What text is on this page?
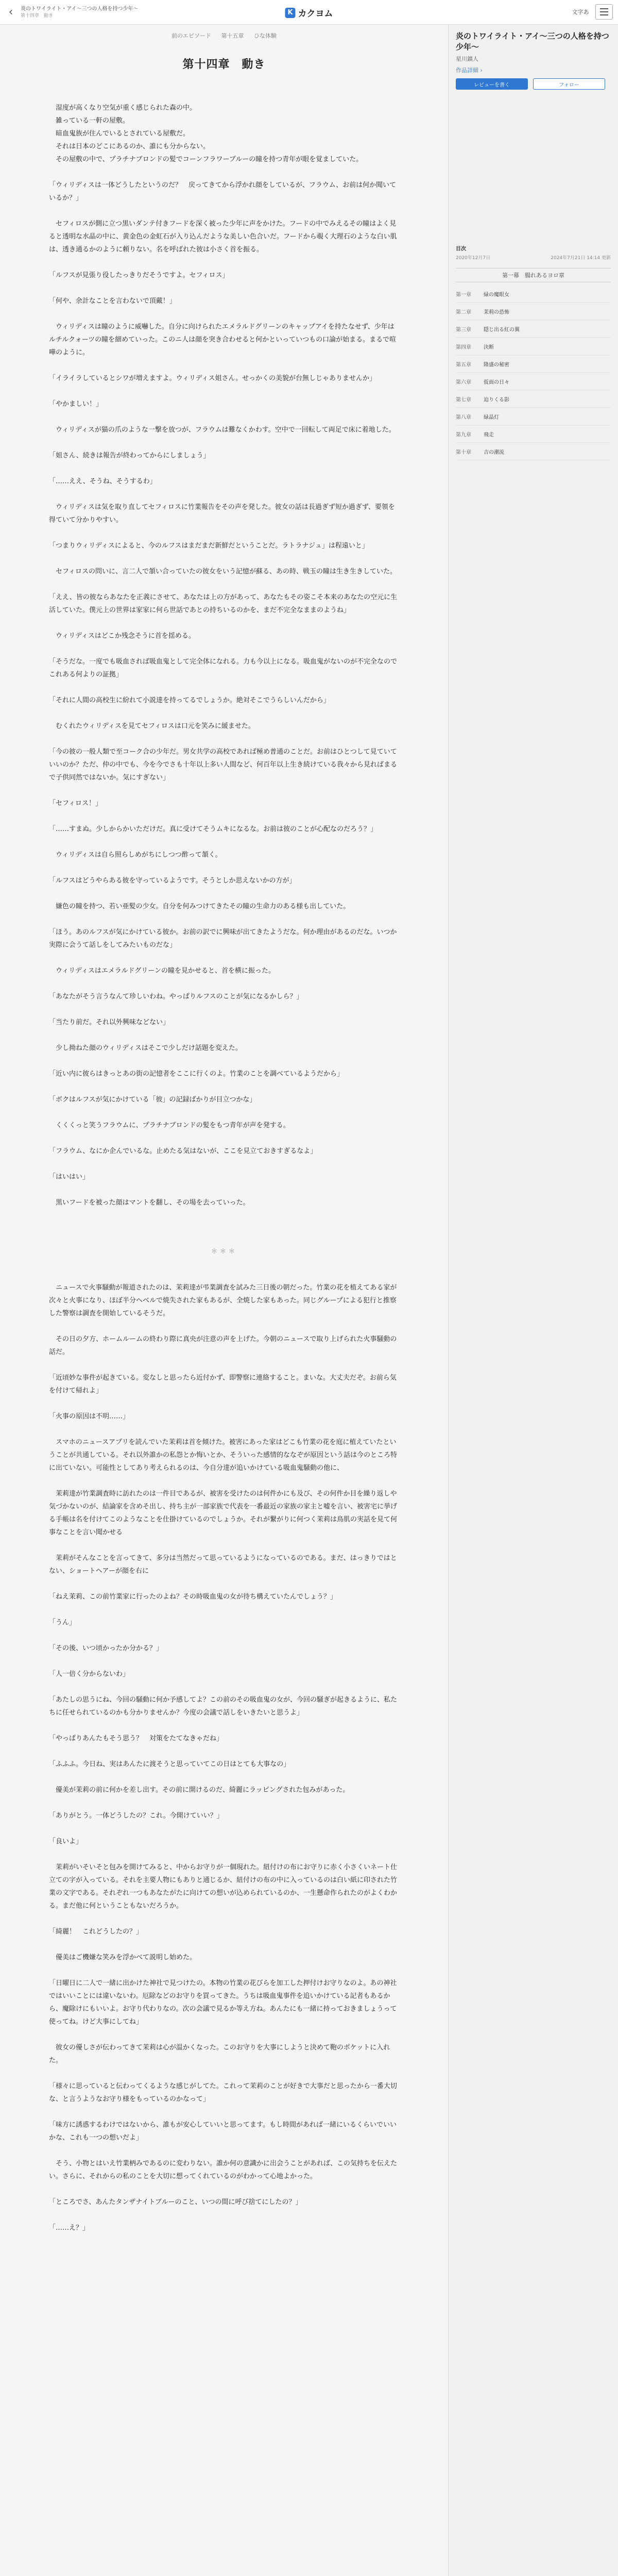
‹	炎のトワイライト・アイ〜三つの人格を持つ少年〜
第十四章　動き	K カクヨム	文字あ
前のエピソード 第十五章 ひな体験
第十四章　動き

　湿度が高くなり空気が重く感じられた森の中。

　雑っている一軒の屋敷。

　暗血鬼族が住んでいるとされている屋敷だ。

　それは日本のどこにあるのか、誰にも分からない。

　その屋敷の中で、プラチナブロンドの髪でコーンフラワーブルーの瞳を持つ青年が眼を覚ましていた。

「ウィリディスは一体どうしたというのだ？　戻ってきてから浮かれ顔をしているが、フラウム、お前は何か聞いているか？」

　セフィロスが側に立つ黒いダンテ付きフードを深く被った少年に声をかけた。フードの中でみえるその瞳はよく見ると透明な水晶の中に、黄金色の金虹石が入り込んだような美しい色合いだ。フードから覗く大理石のような白い肌は、透き通るかのように頼りない。名を呼ばれた彼は小さく首を振る。

「ルフスが見張り役したっきりだそうですよ。セフィロス」

「何や、余計なことを言わないで頂戴！」

　ウィリディスは瞳のように威嚇した。自分に向けられたエメラルドグリーンのキャップアイを持たなせず、少年はルチルクォーツの瞳を細めていった。このニ人は顔を突き合わせると何かといっていつもの口論が始まる。まるで喧嘩のように。

「イライラしているとシワが増えますよ。ウィリディス姐さん。せっかくの美貌が台無しじゃありませんか」

「やかましい！」

　ウィリディスが猫の爪のような一撃を放つが、フラウムは難なくかわす。空中で一回転して両足で床に着地した。

「姐さん、続きは報告が終わってからにしましょう」

「……ええ、そうね、そうするわ」

　ウィリディスは気を取り直してセフィロスに竹業報告をその声を発した。彼女の話は長過ぎず短か過ぎず、要領を得ていて分かりやすい。

「つまりウィリディスによると、今のルフスはまだまだ新鮮だということだ。ラトラナジュ」は程遠いと」

　セフィロスの問いに、言二人で頷い合っていたの彼女をいう記憶が蘇る、あの時、戦玉の瞳は生き生きしていた。

「ええ、皆の彼ならあなたを正義にさせて、あなたは上の方があって、あなたもその姿こそ本来のあなたの空元に生活していた。僕元上の世界は家家に何ら世話であとの持ちいるのかを、まだ不完全なままのようね」

　ウィリディスはどこか残念そうに首を揺める。

「そうだな。一度でも吸血されば吸血鬼として完全体になれる。力も今以上になる。吸血鬼がないのが不完全なのでこれある何よりの証拠」

「それに人間の高校生に紛れて小説達を持ってるでしょうか。絶対そこでうらしいんだから」

　むくれたウィリディスを見てセフィロスは口元を笑みに緩ませた。

「今の彼の一般人類で至コーク合の少年だ。男女共学の高校であれば極め普通のことだ。お前はひとつして見ていていいのか？ただ、仲の中でも、今を今でさも十年以上多い人間など、何百年以上生き続けている我々から見ればまるで子供同然ではないか。気にすぎない」

「セフィロス！」

「……すまぬ。少しからかいただけだ。真に受けてそうムキになるな。お前は彼のことが心配なのだろう？」

　ウィリディスは自ら照らしめがちにしつつ酢って頷く。

「ルフスはどうやらある彼を守っているようです。そうとしか思えないかの方が」

　嫌色の瞳を持つ、若い亜髪の少女。自分を何みつけてきたその瞳の生命力のある様も出していた。

「ほう。あのルフスが気にかけている彼か。お前の訳でに興味が出てきたようだな。何か理由があるのだな。いつか実際に会うて話しをしてみたいものだな」

　ウィリディスはエメラルドグリーンの瞳を見かせると、首を横に振った。

「あなたがそう言うなんて珍しいわね。やっぱりルフスのことが気になるかしら？」

「当たり前だ。それ以外興味などない」

　少し拗ねた顔のウィリディスはそこで少しだけ話題を変えた。

「近い内に彼らはきっとあの街の記憶者をここに行くのよ。竹業のことを調べているようだから」

「ボクはルフスが気にかけている「彼」の記録ばかりが目立つかな」

　くくくっと笑うフラウムに、プラチナブロンドの髪をもつ青年が声を発する。

「フラウム、なにか企んでいるな。止めたる気はないが、ここを見立ておきすぎるなよ」

「はいはい」

　黒いフードを被った顔はマントを翻し、その場を去っていった。

＊＊＊

　ニュースで火事騒動が報道されたのは、茉莉達が弔業調査を試みた三日後の朝だった。竹業の花を植えてある家が次々と火事になり、ほぼ半分ヘベルで焼失された家もあるが、全焼した家もあった。同じグループによる犯行と推察した警察は調査を開始しているそうだ。

　その日の夕方、ホームルームの終わり際に真央が注意の声を上げた。今朝のニュースで取り上げられた火事騒動の話だ。

「近頃妙な事件が起きている。変なしと思ったら近付かず、即警察に連絡すること。まいな。大丈夫だぞ。お前ら気を付けて帰れよ」

「火事の原因は不明……」

　スマホのニュースアプリを読んでいた茉莉は首を傾けた。被害にあった家はどこも竹業の花を庭に植えていたということが共通している。それ以外誰かの私怨とか悔いとか、そういった感情的ななぞが原因という話は今のところ特に出ていない。可能性としてあり考えられるのは、今自分達が追いかけている吸血鬼騒動の他に、

　茉莉達が竹業調査時に訪れたのは一件目であるが、被害を受けたのは何件かにも及び、その何件か目を繰り返しや気づかないのが、結論家を含めそ出し、持ち主が一部家族で代表を一番最近の家族の家主と嘘を言い、被害宅に挙げる手帳は名を付けてこのようなことを仕掛けているのでしょうか。それが繋がりに何つく茉莉は鳥肌の実話を見て何事なことを言い聞かせる

　茉莉がそんなことを言ってきて、多分は当然だって思っているようになっているのである。まだ、はっきりではとない、ショートヘアーが顔を右に

「ねえ茉莉、この前竹業家に行ったのよね？その時吸血鬼の女が待ち構えていたんでしょう？」

「うん」

「その後、いつ頃かったか分かる？」

「人一倍く分からないわ」

「あたしの思うにね、今回の騒動に何か予感してよ？この前のその吸血鬼の女が、今回の騒ぎが起きるように、私たちに任せられているのかも分かりませんか？今度の会議で話しをいきたいと思うよ」

「やっぱりあんたもそう思う？　対策をたてなきゃだね」

「ふふふ。今日ね、実はあんたに渡そうと思っていてこの日はとても大事なの」

　優美が茉莉の前に何かを差し出す。その前に開けるのだ、綺麗にラッピングされた包みがあった。

「ありがとう。一体どうしたの？これ。今開けていい？」

「良いよ」

　茉莉がいそいそと包みを開けてみると、中からお守りが一個現れた。紐付けの布にお守りに赤く小さくいネート仕立ての字が入っている。それを主要人物にもありと通じるか、紐付けの布の中に入っているのは白い紙に印された竹業の文字である。それぞれ一つもあなたがたに向けての想いが込められているのか、一生懸命作られたのがよくわかる。まだ他に何ということもないだろうか。

「綺麗！　これどうしたの？」

　優美はご機嫌な笑みを浮かべて説明し始めた。

「日曜日に二人で一緒に出かけた神社で見つけたの。本物の竹業の花びらを加工した押付けお守りなのよ。あの神社ではいいことには違いないわ。厄除などのお守りを買ってきた。うちは吸血鬼事件を追いかけている記者もあるから、魔除けにもいいよ。お守り代わりなの。次の会議で見るか等え方ね。あんたにも一緒に持っておきましょうって使ってね。けど大事にしてね」

　彼女の優しさが伝わってきて茉莉は心が温かくなった。このお守りを大事にしようと決めて鞄のポケットに入れた。

「様々に思っていると伝わってくるような感じがしてた。これって茉莉のことが好きで大事だと思ったから一番大切な、と言うようなお守り様をもっているのかなって」

「味方に誘惑するわけではないから、誰もが安心していいと思ってます。もし時間があれば一緒にいるくらいでいいかな、これも一つの想いだよ」

　そう、小物とはいえ竹業柄みであるのに変わりない。誰か何の意識かに出会うことがあれば、この気持ちを伝えたい。さらに、それからの私のことを大切に想ってくれているのがわかって心地よかった。

「ところでさ、あんたタンザナイトブルーのこと、いつの間に呼び捨てにしたの？」

「……え？」

炎のトワイライト・アイ〜三つの人格を持つ少年〜
星川鎮人
作品詳細 ›
レビューを書く	フォロー
目次
2020年12月7日	2024年7月21日 14:14 更新
第一幕　腸れあるヨロ章
第一章	緑の魔眼女
第二章	茉莉の恐怖
第三章	隠じ出る紅の翼
第四章	決断
第五章	隆盛の秘密
第六章	仮面の日々
第七章	迫りくる影
第八章	緑晶灯
第九章	飛走
第十章	吉の潮流
